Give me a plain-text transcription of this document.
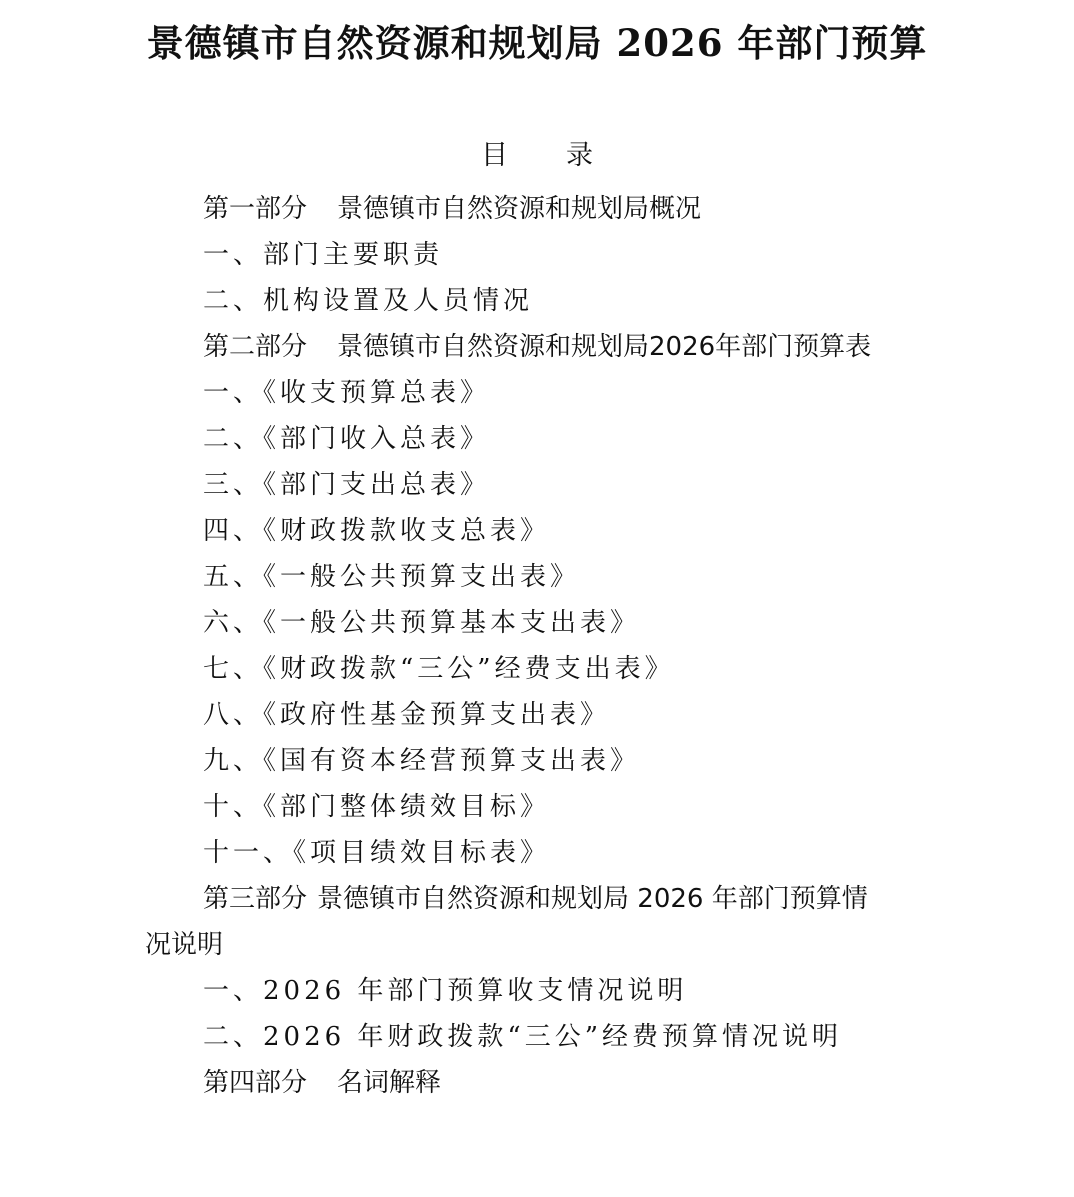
景德镇市自然资源和规划局 2026 年部门预算
目 录
第一部分 景德镇市自然资源和规划局概况
一、部门主要职责
二、机构设置及人员情况
第二部分 景德镇市自然资源和规划局2026年部门预算表
一、《收支预算总表》
二、《部门收入总表》
三、《部门支出总表》
四、《财政拨款收支总表》
五、《一般公共预算支出表》
六、《一般公共预算基本支出表》
七、《财政拨款“三公”经费支出表》
八、《政府性基金预算支出表》
九、《国有资本经营预算支出表》
十、《部门整体绩效目标》
十一、《项目绩效目标表》
第三部分 景德镇市自然资源和规划局 2026 年部门预算情
况说明
一、2026 年部门预算收支情况说明
二、2026 年财政拨款“三公”经费预算情况说明
第四部分 名词解释
